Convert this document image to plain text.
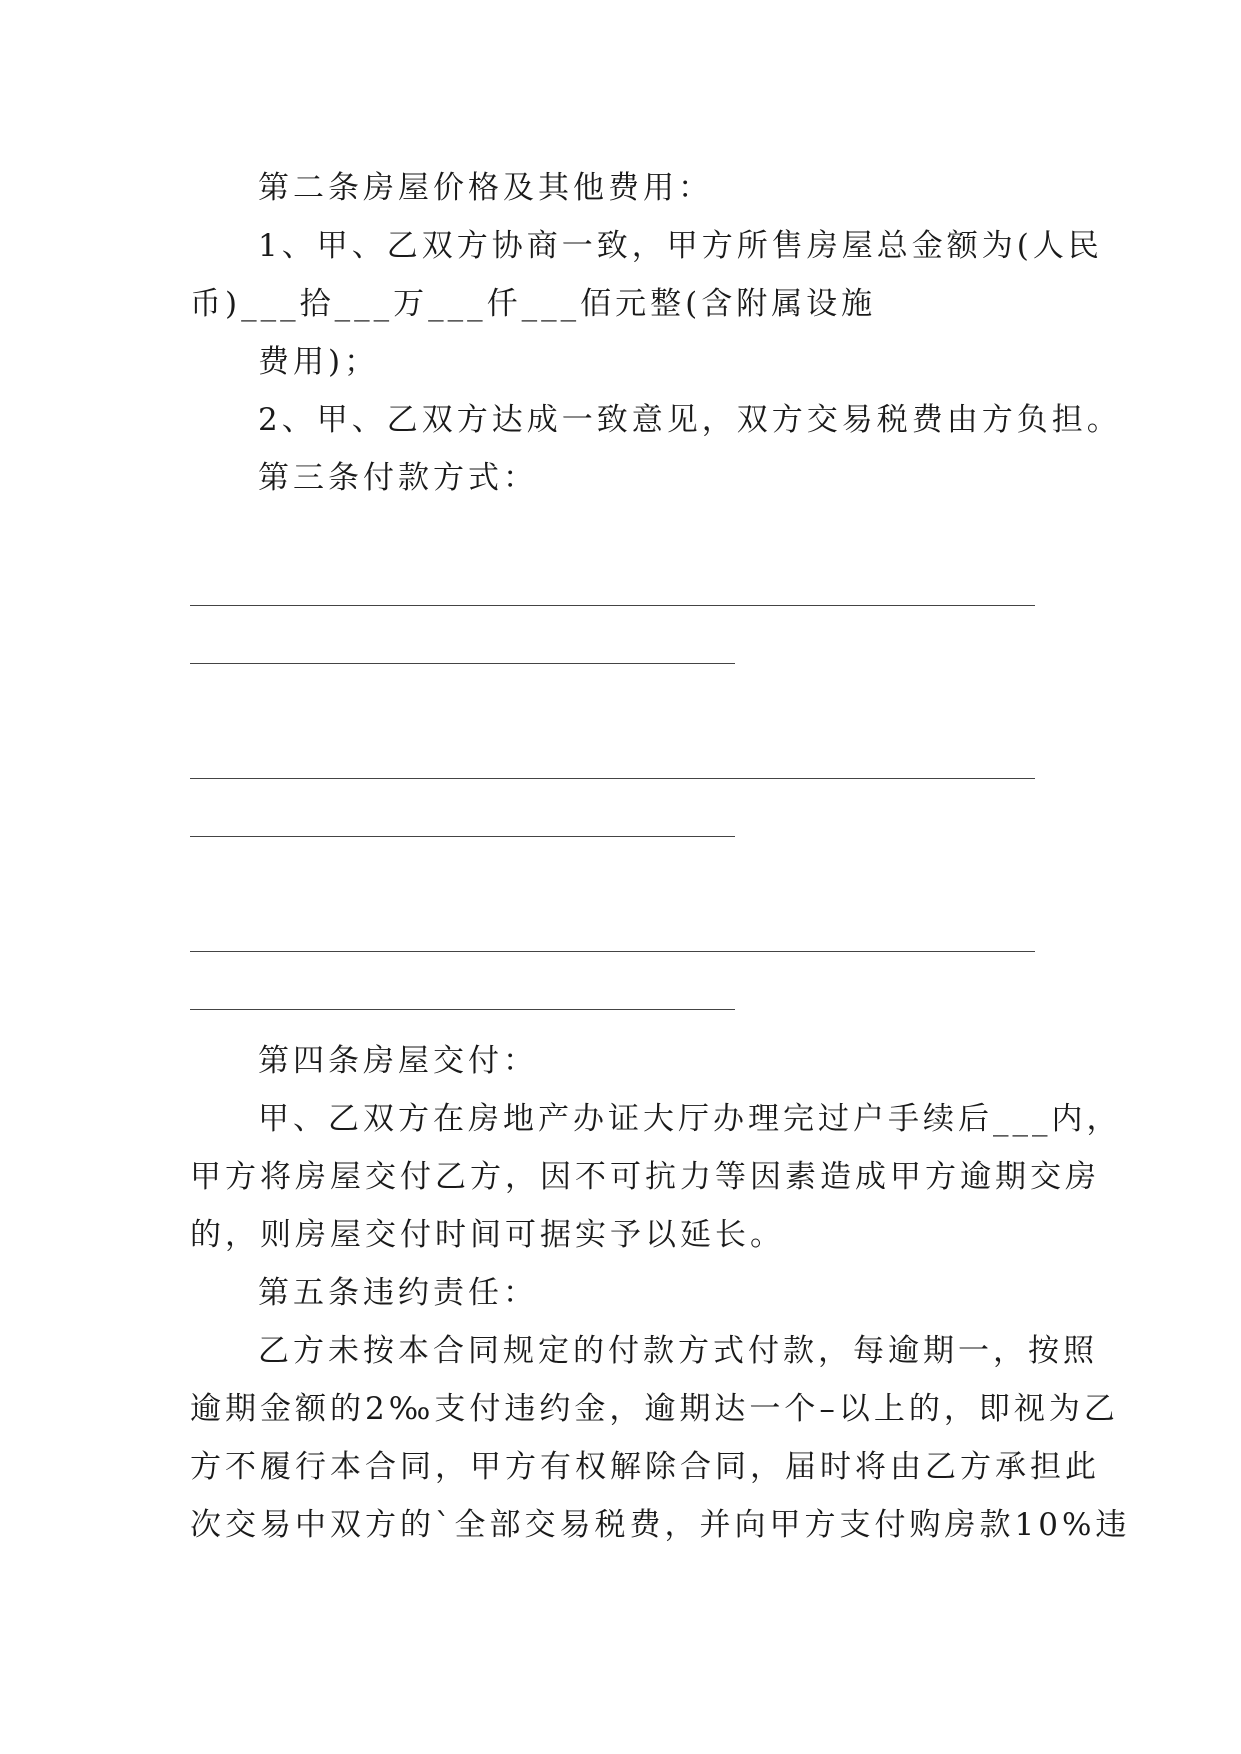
第二条房屋价格及其他费用：
1、甲、乙双方协商一致，甲方所售房屋总金额为(人民
币)___拾___万___仟___佰元整(含附属设施
费用)；
2、甲、乙双方达成一致意见，双方交易税费由方负担。
第三条付款方式：
第四条房屋交付：
甲、乙双方在房地产办证大厅办理完过户手续后___内，
甲方将房屋交付乙方，因不可抗力等因素造成甲方逾期交房
的，则房屋交付时间可据实予以延长。
第五条违约责任：
乙方未按本合同规定的付款方式付款，每逾期一，按照
逾期金额的2‰支付违约金，逾期达一个–以上的，即视为乙
方不履行本合同，甲方有权解除合同，届时将由乙方承担此
次交易中双方的`全部交易税费，并向甲方支付购房款10%违
